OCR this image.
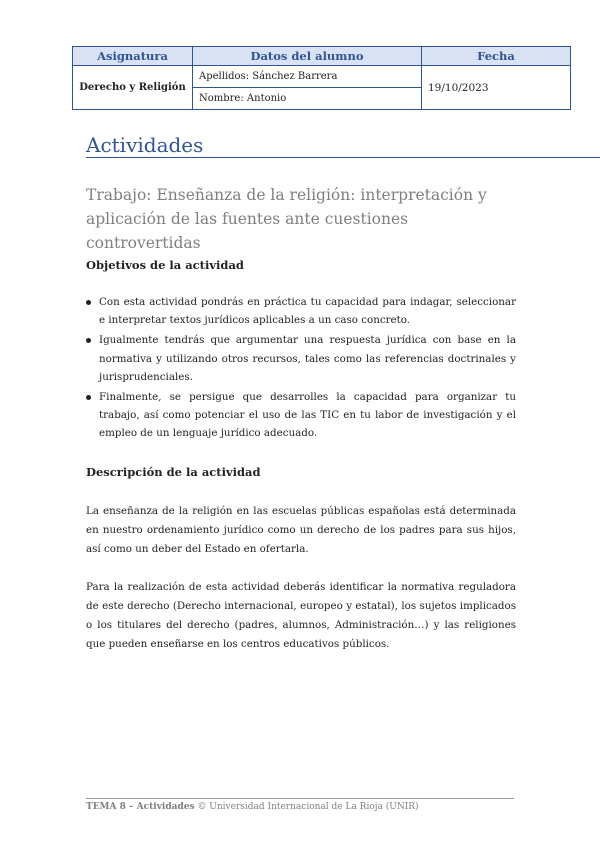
Asignatura	Datos del alumno	Fecha
Derecho y Religión	Apellidos: Sánchez Barrera	19/10/2023
	Nombre: Antonio	
Actividades
Trabajo: Enseñanza de la religión: interpretación y aplicación de las fuentes ante cuestiones controvertidas
Objetivos de la actividad
Con esta actividad pondrás en práctica tu capacidad para indagar, seleccionar e interpretar textos jurídicos aplicables a un caso concreto.
Igualmente tendrás que argumentar una respuesta jurídica con base en la normativa y utilizando otros recursos, tales como las referencias doctrinales y jurisprudenciales.
Finalmente, se persigue que desarrolles la capacidad para organizar tu trabajo, así como potenciar el uso de las TIC en tu labor de investigación y el empleo de un lenguaje jurídico adecuado.
Descripción de la actividad

La enseñanza de la religión en las escuelas públicas españolas está determinada en nuestro ordenamiento jurídico como un derecho de los padres para sus hijos, así como un deber del Estado en ofertarla.

Para la realización de esta actividad deberás identificar la normativa reguladora de este derecho (Derecho internacional, europeo y estatal), los sujetos implicados o los titulares del derecho (padres, alumnos, Administración…) y las religiones que pueden enseñarse en los centros educativos públicos.

TEMA 8 – Actividades © Universidad Internacional de La Rioja (UNIR)
